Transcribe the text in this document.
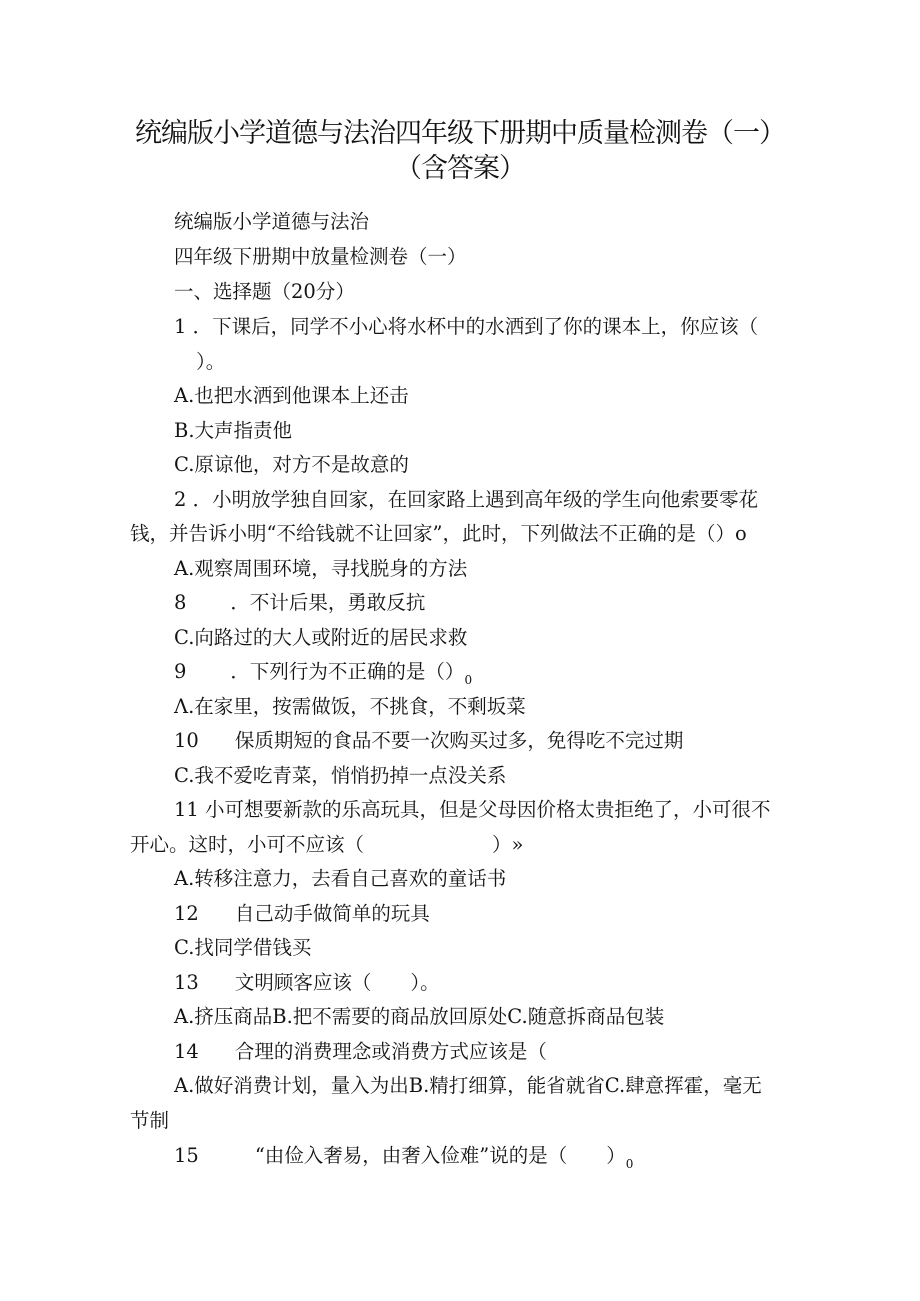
统编版小学道德与法治四年级下册期中质量检测卷（一）
（含答案）
统编版小学道德与法治
四年级下册期中放量检测卷（一）
一、选择题（20分）
1 ．下课后，同学不小心将水杯中的水洒到了你的课本上，你应该（
）。
A.也把水洒到他课本上还击
B.大声指责他
C.原谅他，对方不是故意的
2 ．小明放学独自回家，在回家路上遇到高年级的学生向他索要零花
钱，并告诉小明“不给钱就不让回家”，此时，下列做法不正确的是（）o
A.观察周围环境，寻找脱身的方法
8 ．不计后果，勇敢反抗
C.向路过的大人或附近的居民求救
9 ．下列行为不正确的是$()_0$
Λ.在家里，按需做饭，不挑食，不剩坂菜
10 保质期短的食品不要一次购买过多，免得吃不完过期
C.我不爱吃青菜，悄悄扔掉一点没关系
11 小可想要新款的乐高玩具，但是父母因价格太贵拒绝了，小可很不
开心。这时，小可不应该（	）»
A.转移注意力，去看自己喜欢的童话书
12 自己动手做简单的玩具
C.找同学借钱买
13 文明顾客应该（　　）。
A.挤压商品B.把不需要的商品放回原处C.随意拆商品包装
14 合理的消费理念或消费方式应该是（
A.做好消费计划，量入为出B.精打细算，能省就省C.肆意挥霍，毫无
节制
15	“由俭入奢易，由奢入俭难”说的是（　　）$_0$
